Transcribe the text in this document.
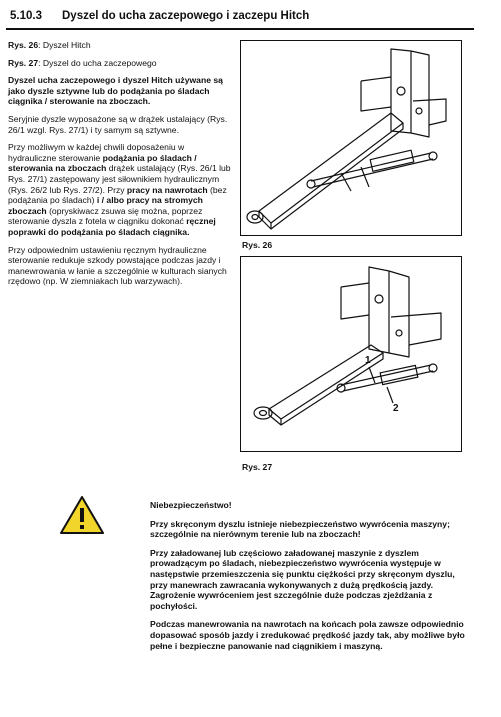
5.10.3 Dyszel do ucha zaczepowego i zaczepu Hitch

Rys. 26: Dyszel Hitch

Rys. 27: Dyszel do ucha zaczepowego

Dyszel ucha zaczepowego i dyszel Hitch używane są jako dyszle sztywne lub do podążania po śladach ciągnika / sterowanie na zboczach.

Seryjnie dyszle wyposażone są w drążek ustalający (Rys. 26/1 wzgl. Rys. 27/1) i ty samym są sztywne.

Przy możliwym w każdej chwili doposażeniu w hydrauliczne sterowanie podążania po śladach / sterowania na zboczach drążek ustalający (Rys. 26/1 lub Rys. 27/1) zastępowany jest siłownikiem hydraulicznym (Rys. 26/2 lub Rys. 27/2). Przy pracy na nawrotach (bez podążania po śladach) i / albo pracy na stromych zboczach (opryskiwacz zsuwa się można, poprzez sterowanie dyszla z fotela w ciągniku dokonać ręcznej poprawki do podążania po śladach ciągnika.

Przy odpowiednim ustawieniu ręcznym hydrauliczne sterowanie redukuje szkody powstające podczas jazdy i manewrowania w łanie a szczególnie w kulturach sianych rzędowo (np. W ziemniakach lub warzywach).

Rys. 26
1
2
Rys. 27

Niebezpieczeństwo!

Przy skręconym dyszlu istnieje niebezpieczeństwo wywrócenia maszyny; szczególnie na nierównym terenie lub na zboczach!

Przy załadowanej lub częściowo załadowanej maszynie z dyszlem prowadzącym po śladach, niebezpieczeństwo wywrócenia występuje w następstwie przemieszczenia się punktu ciężkości przy skręconym dyszlu, przy manewrach zawracania wykonywanych z dużą prędkością jazdy. Zagrożenie wywróceniem jest szczególnie duże podczas zjeżdżania z pochyłości.

Podczas manewrowania na nawrotach na końcach pola zawsze odpowiednio dopasować sposób jazdy i zredukować prędkość jazdy tak, aby możliwe było pełne i bezpieczne panowanie nad ciągnikiem i maszyną.
